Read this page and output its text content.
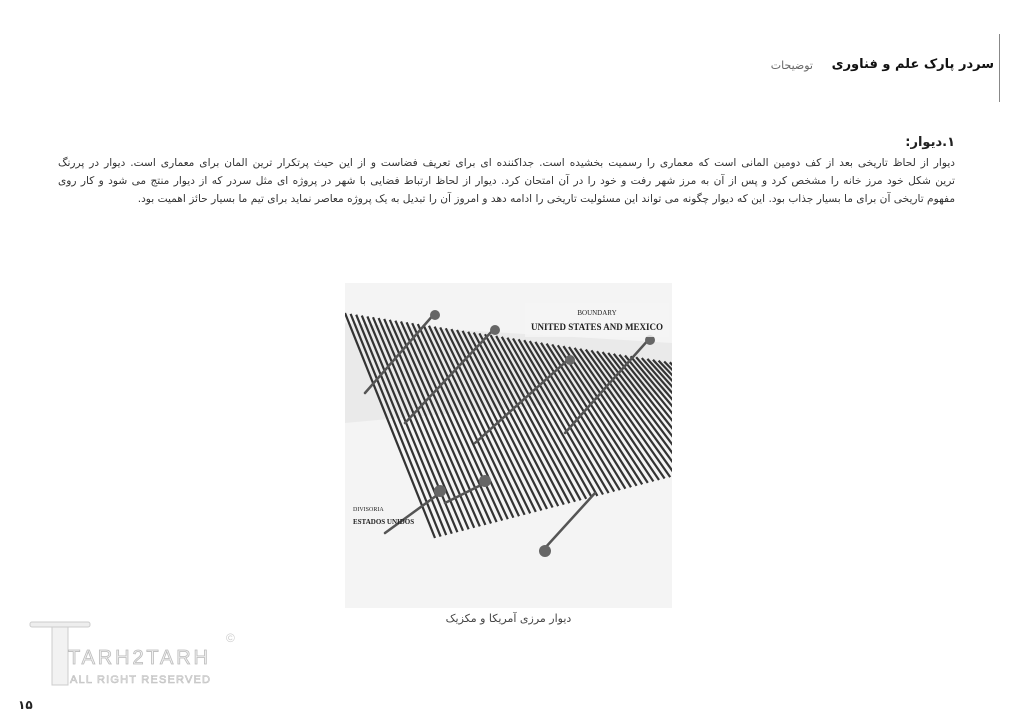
سردر پارک علم و فناوری
توضیحات
۱.دیوار:
دیوار از لحاظ تاریخی بعد از کف دومین المانی است که معماری را رسمیت بخشیده است. جداکننده ای برای تعریف فضاست و از این حیث پرتکرار ترین المان برای معماری است. دیوار در پررنگ
ترین شکل خود مرز خانه را مشخص کرد و پس از آن به مرز شهر رفت و خود را در آن امتحان کرد. دیوار از لحاظ ارتباط فضایی با شهر در پروژه ای مثل سردر که از دیوار منتج می شود و کار روی
مفهوم تاریخی آن برای ما بسیار جذاب بود. این که دیوار چگونه می تواند این مسئولیت تاریخی را ادامه دهد و امروز آن را تبدیل به یک پروژه معاصر نماید برای تیم ما بسیار حائز اهمیت بود.
BOUNDARY
UNITED STATES AND MEXICO
DIVISORIA
ESTADOS UNIDOS
دیوار مرزی آمریکا و مکزیک
TARH2TARH
ALL RIGHT RESERVED
©
۱۵
